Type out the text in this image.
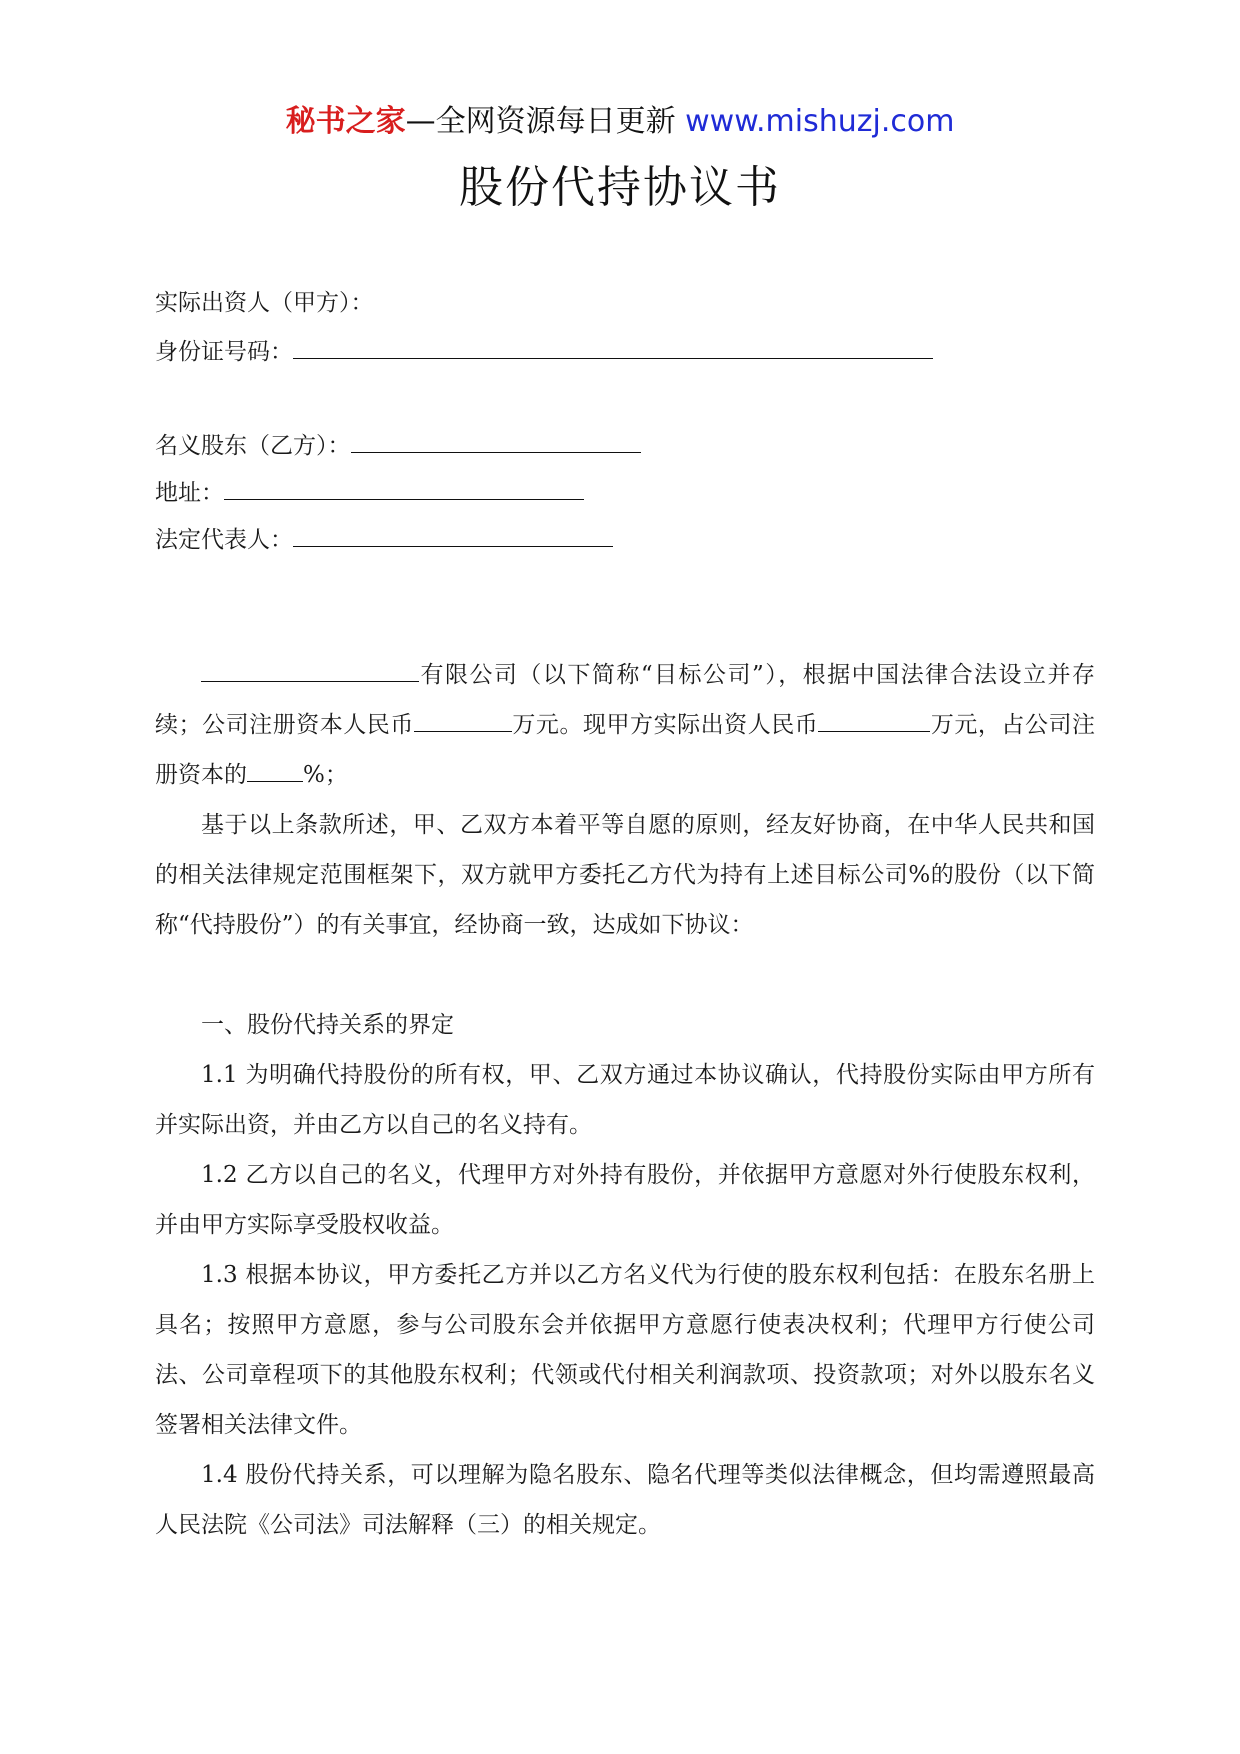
秘书之家—全网资源每日更新 www.mishuzj.com
股份代持协议书
实际出资人（甲方）：
身份证号码：
名义股东（乙方）：
地址：
法定代表人：

有限公司（以下简称“目标公司”），根据中国法律合法设立并存续；公司注册资本人民币	万元。现甲方实际出资人民币	万元，占公司注册资本的 %；

基于以上条款所述，甲、乙双方本着平等自愿的原则，经友好协商，在中华人民共和国的相关法律规定范围框架下，双方就甲方委托乙方代为持有上述目标公司%的股份（以下简称“代持股份”）的有关事宜，经协商一致，达成如下协议：

一、股份代持关系的界定

1.1 为明确代持股份的所有权，甲、乙双方通过本协议确认，代持股份实际由甲方所有并实际出资，并由乙方以自己的名义持有。

1.2 乙方以自己的名义，代理甲方对外持有股份，并依据甲方意愿对外行使股东权利，并由甲方实际享受股权收益。

1.3 根据本协议，甲方委托乙方并以乙方名义代为行使的股东权利包括：在股东名册上具名；按照甲方意愿，参与公司股东会并依据甲方意愿行使表决权利；代理甲方行使公司法、公司章程项下的其他股东权利；代领或代付相关利润款项、投资款项；对外以股东名义签署相关法律文件。

1.4 股份代持关系，可以理解为隐名股东、隐名代理等类似法律概念，但均需遵照最高人民法院《公司法》司法解释（三）的相关规定。
